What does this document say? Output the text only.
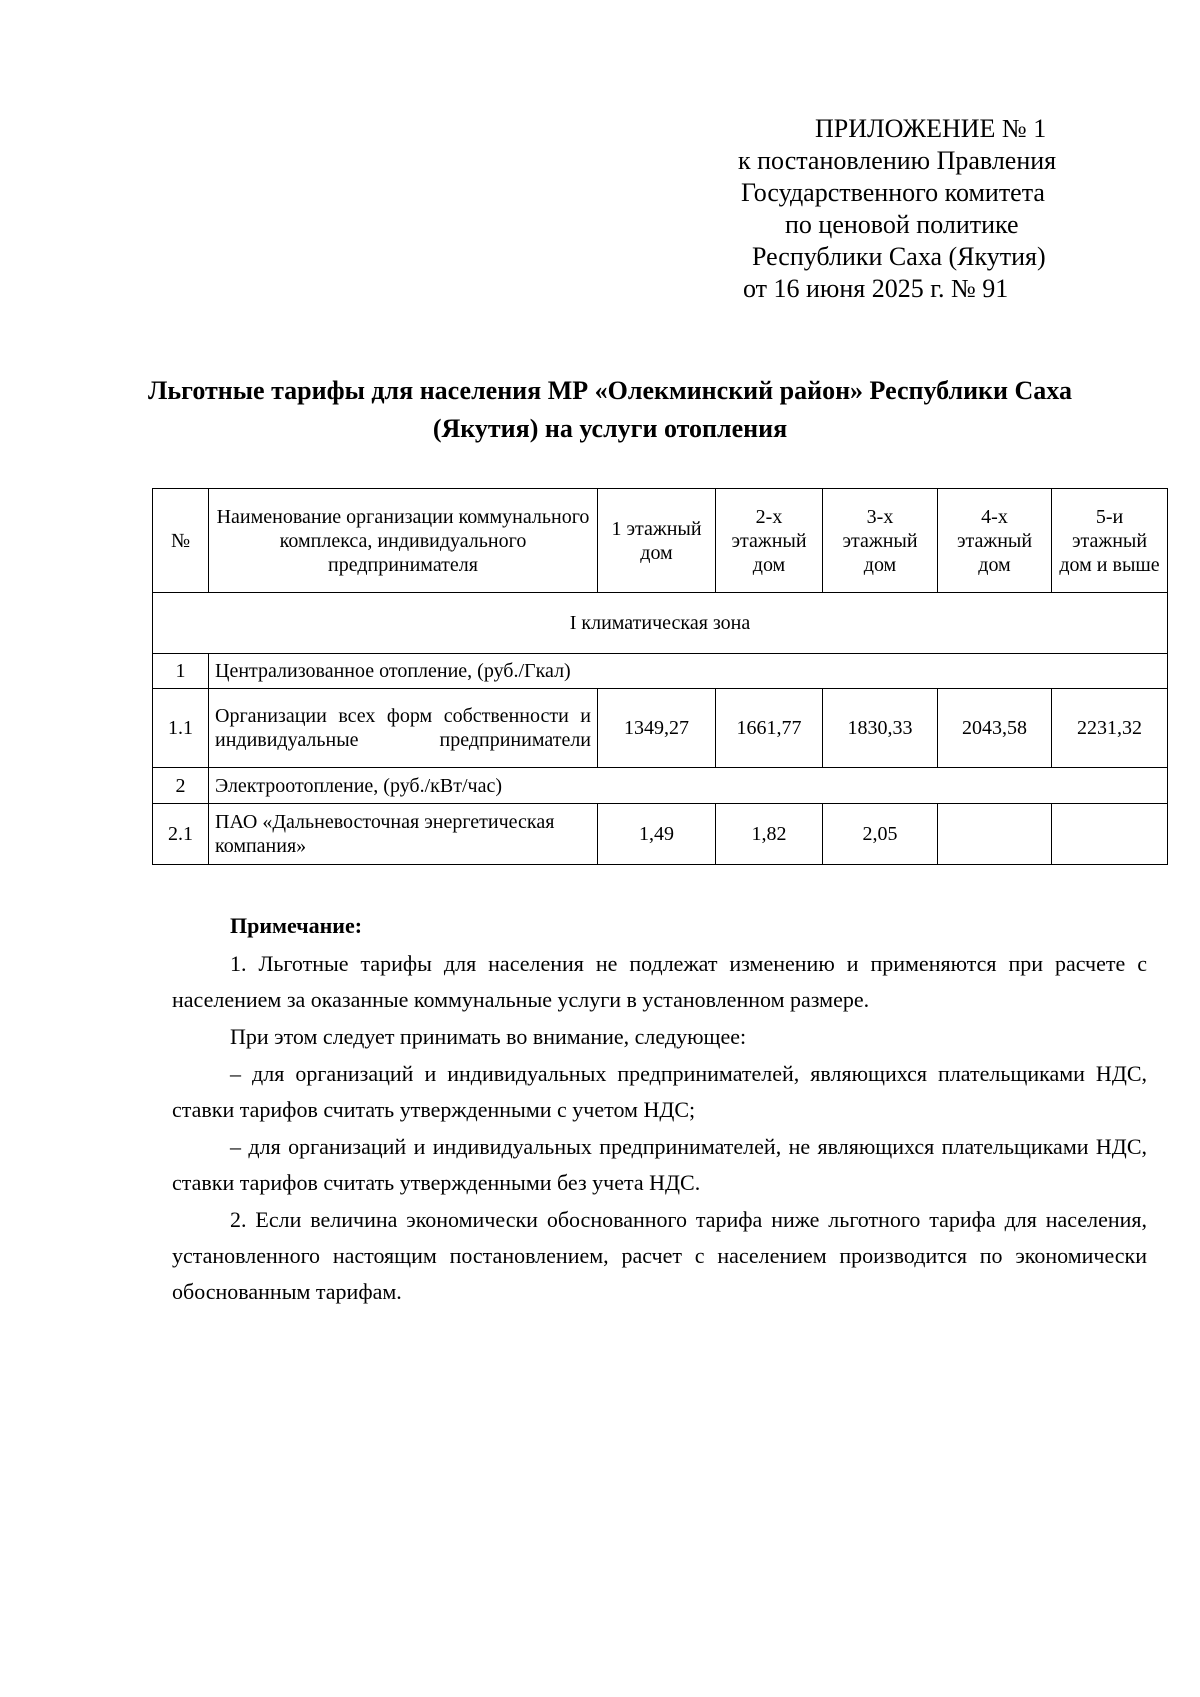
ПРИЛОЖЕНИЕ № 1
к постановлению Правления
Государственного комитета
по ценовой политике
Республики Саха (Якутия)
от 16 июня 2025 г. № 91
Льготные тарифы для населения МР «Олекминский район» Республики Саха (Якутия) на услуги отопления
№	Наименование организации коммунального комплекса, индивидуального предпринимателя	1 этажный дом	2-х этажный дом	3-х этажный дом	4-х этажный дом	5-и этажный дом и выше
I климатическая зона						
1	Централизованное отопление, (руб./Гкал)					
1.1	Организации всех форм собственности и индивидуальные предприниматели	1349,27	1661,77	1830,33	2043,58	2231,32
2	Электроотопление, (руб./кВт/час)					
2.1	ПАО «Дальневосточная энергетическая компания»	1,49	1,82	2,05		

Примечание:

1. Льготные тарифы для населения не подлежат изменению и применяются при расчете с населением за оказанные коммунальные услуги в установленном размере.

При этом следует принимать во внимание, следующее:

– для организаций и индивидуальных предпринимателей, являющихся плательщиками НДС, ставки тарифов считать утвержденными с учетом НДС;

– для организаций и индивидуальных предпринимателей, не являющихся плательщиками НДС, ставки тарифов считать утвержденными без учета НДС.

2. Если величина экономически обоснованного тарифа ниже льготного тарифа для населения, установленного настоящим постановлением, расчет с населением производится по экономически обоснованным тарифам.
